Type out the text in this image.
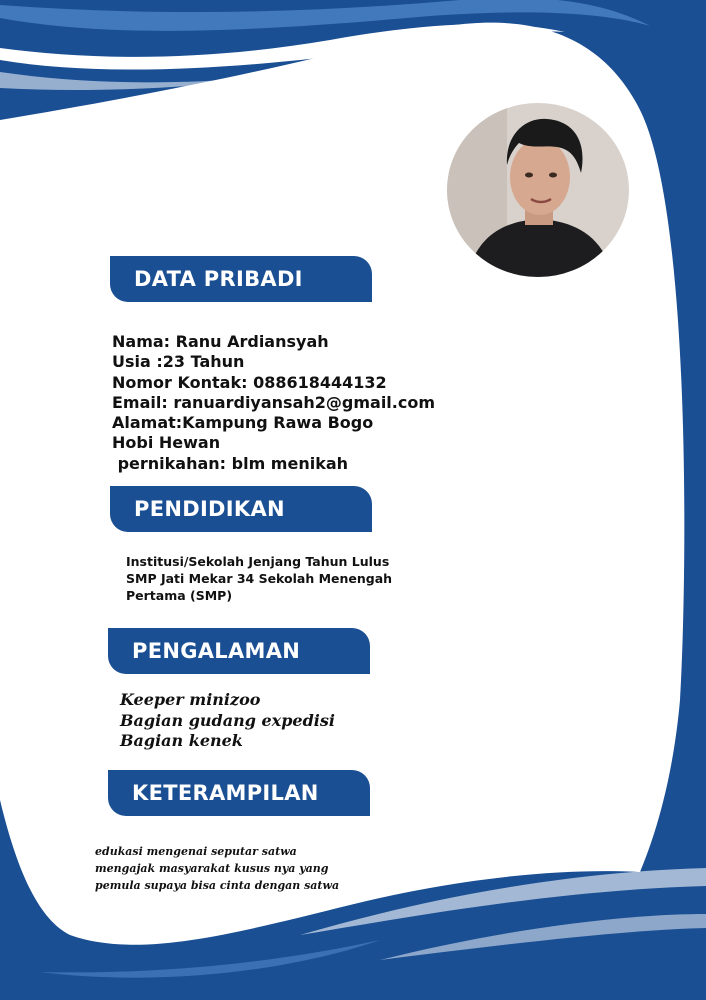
DATA PRIBADI
Nama: Ranu Ardiansyah
Usia :23 Tahun
Nomor Kontak: 088618444132
Email: ranuardiyansah2@gmail.com
Alamat:Kampung Rawa Bogo
Hobi Hewan
pernikahan: blm menikah
PENDIDIKAN
Institusi/Sekolah Jenjang Tahun Lulus
SMP Jati Mekar 34 Sekolah Menengah
Pertama (SMP)
PENGALAMAN
Keeper minizoo
Bagian gudang expedisi
Bagian kenek
KETERAMPILAN
edukasi mengenai seputar satwa
mengajak masyarakat kusus nya yang
pemula supaya bisa cinta dengan satwa
